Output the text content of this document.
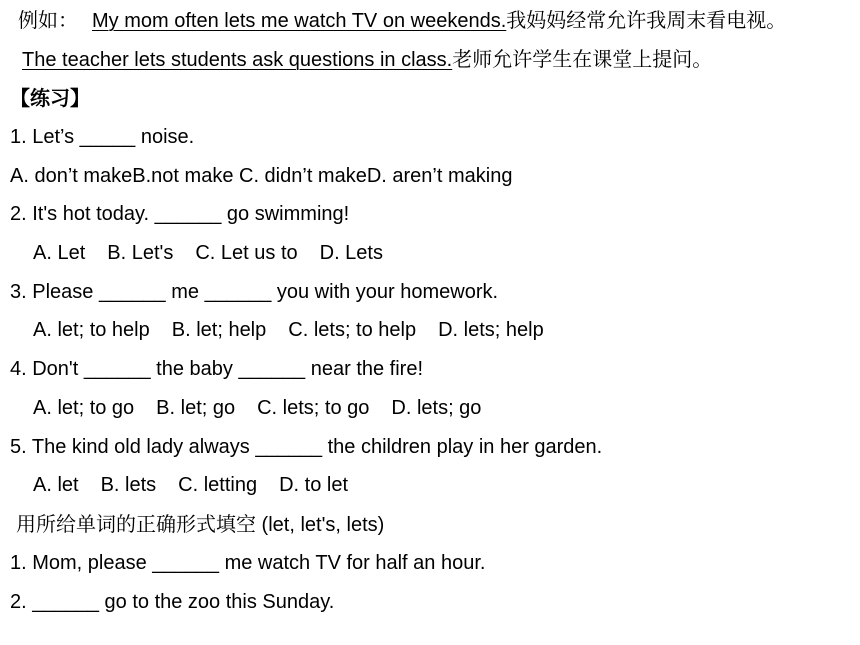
例如： My mom often lets me watch TV on weekends.我妈妈经常允许我周末看电视。
The teacher lets students ask questions in class.老师允许学生在课堂上提问。
【练习】
1. Let’s _____ noise.
A. don’t makeB.not make C. didn’t makeD. aren’t making
2. It's hot today. ______ go swimming!
A. Let B. Let's C. Let us to D. Lets
3. Please ______ me ______ you with your homework.
A. let; to help B. let; help C. lets; to help D. lets; help
4. Don't ______ the baby ______ near the fire!
A. let; to go B. let; go C. lets; to go D. lets; go
5. The kind old lady always ______ the children play in her garden.
A. let B. lets C. letting D. to let
用所给单词的正确形式填空 (let, let's, lets)
1. Mom, please ______ me watch TV for half an hour.
2. ______ go to the zoo this Sunday.
